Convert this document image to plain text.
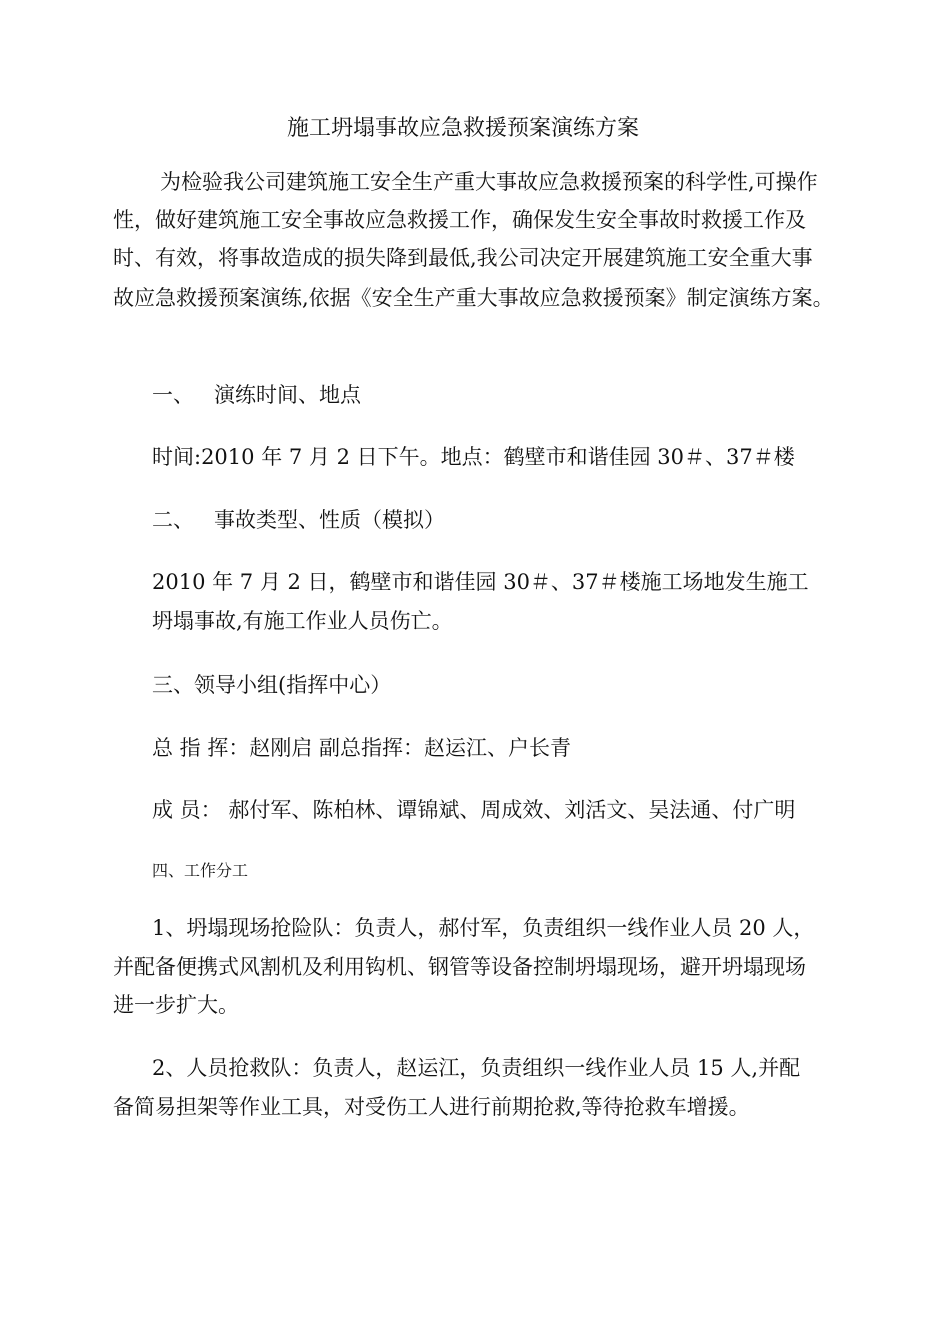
施工坍塌事故应急救援预案演练方案
为检验我公司建筑施工安全生产重大事故应急救援预案的科学性,可操作
性，做好建筑施工安全事故应急救援工作，确保发生安全事故时救援工作及
时、有效，将事故造成的损失降到最低,我公司决定开展建筑施工安全重大事
故应急救援预案演练,依据《安全生产重大事故应急救援预案》制定演练方案。
一、 演练时间、地点
时间:2010 年 7 月 2 日下午。地点：鹤壁市和谐佳园 30＃、37＃楼
二、 事故类型、性质（模拟）
2010 年 7 月 2 日，鹤壁市和谐佳园 30＃、37＃楼施工场地发生施工
坍塌事故,有施工作业人员伤亡。
三、领导小组(指挥中心）
总 指 挥：赵刚启 副总指挥：赵运江、户长青
成 员： 郝付军、陈柏林、谭锦斌、周成效、刘活文、吴法通、付广明
四、工作分工
1、坍塌现场抢险队：负责人，郝付军，负责组织一线作业人员 20 人，
并配备便携式风割机及利用钩机、钢管等设备控制坍塌现场，避开坍塌现场
进一步扩大。
2、人员抢救队：负责人，赵运江，负责组织一线作业人员 15 人,并配
备简易担架等作业工具，对受伤工人进行前期抢救,等待抢救车增援。
